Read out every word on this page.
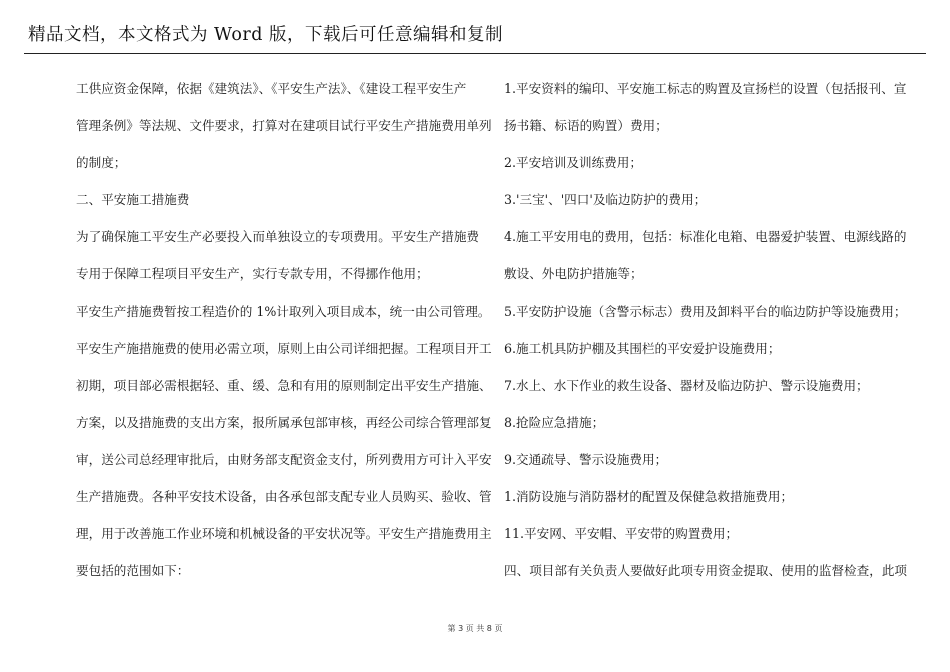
精品文档，本文格式为 Word 版，下载后可任意编辑和复制
工供应资金保障，依据《建筑法》、《平安生产法》、《建设工程平安生产
管理条例》等法规、文件要求，打算对在建项目试行平安生产措施费用单列
的制度；
二、平安施工措施费
为了确保施工平安生产必要投入而单独设立的专项费用。平安生产措施费
专用于保障工程项目平安生产，实行专款专用，不得挪作他用；
平安生产措施费暂按工程造价的 1%计取列入项目成本，统一由公司管理。
平安生产施措施费的使用必需立项，原则上由公司详细把握。工程项目开工
初期，项目部必需根据轻、重、缓、急和有用的原则制定出平安生产措施、
方案，以及措施费的支出方案，报所属承包部审核，再经公司综合管理部复
审，送公司总经理审批后，由财务部支配资金支付，所列费用方可计入平安
生产措施费。各种平安技术设备，由各承包部支配专业人员购买、验收、管
理，用于改善施工作业环境和机械设备的平安状况等。平安生产措施费用主
要包括的范围如下：
1.平安资料的编印、平安施工标志的购置及宣扬栏的设置（包括报刊、宣
扬书籍、标语的购置）费用；
2.平安培训及训练费用；
3.'三宝'、'四口'及临边防护的费用；
4.施工平安用电的费用，包括：标准化电箱、电器爱护装置、电源线路的
敷设、外电防护措施等；
5.平安防护设施（含警示标志）费用及卸料平台的临边防护等设施费用；
6.施工机具防护棚及其围栏的平安爱护设施费用；
7.水上、水下作业的救生设备、器材及临边防护、警示设施费用；
8.抢险应急措施；
9.交通疏导、警示设施费用；
1.消防设施与消防器材的配置及保健急救措施费用；
11.平安网、平安帽、平安带的购置费用；
四、项目部有关负责人要做好此项专用资金提取、使用的监督检查，此项
第 3 页 共 8 页
